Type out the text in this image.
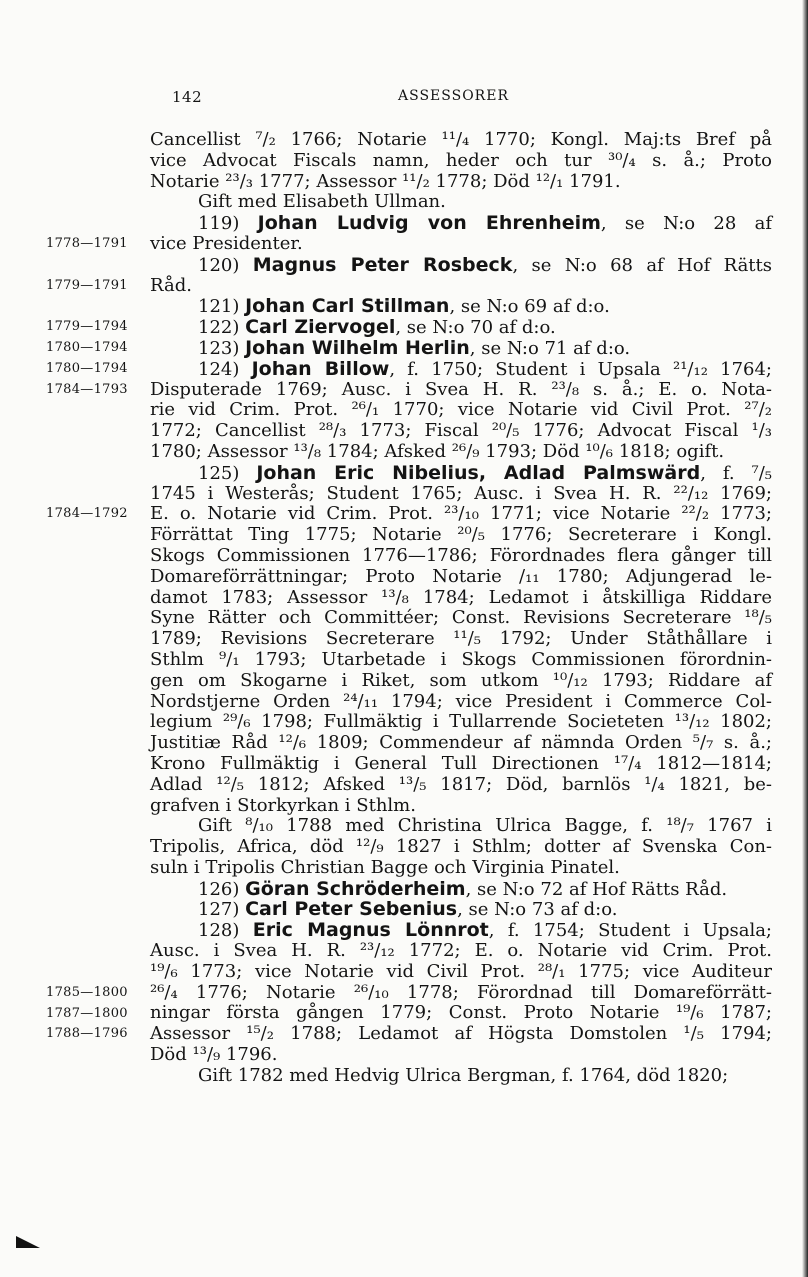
142	ASSESSORER
1778—1791
1779—1791
1779—1794
1780—1794
1780—1794
1784—1793
1784—1792
1785—1800
1787—1800
1788—1796
Cancellist ⁷/₂ 1766; Notarie ¹¹/₄ 1770; Kongl. Maj:ts Bref på
vice Advocat Fiscals namn, heder och tur ³⁰/₄ s. å.; Proto
Notarie ²³/₃ 1777; Assessor ¹¹/₂ 1778; Död ¹²/₁ 1791.
Gift med Elisabeth Ullman.
119) Johan Ludvig von Ehrenheim, se N:o 28 af
vice Presidenter.
120) Magnus Peter Rosbeck, se N:o 68 af Hof Rätts
Råd.
121) Johan Carl Stillman, se N:o 69 af d:o.
122) Carl Ziervogel, se N:o 70 af d:o.
123) Johan Wilhelm Herlin, se N:o 71 af d:o.
124) Johan Billow, f. 1750; Student i Upsala ²¹/₁₂ 1764;
Disputerade 1769; Ausc. i Svea H. R. ²³/₈ s. å.; E. o. Nota-
rie vid Crim. Prot. ²⁶/₁ 1770; vice Notarie vid Civil Prot. ²⁷/₂
1772; Cancellist ²⁸/₃ 1773; Fiscal ²⁰/₅ 1776; Advocat Fiscal ¹/₃
1780; Assessor ¹³/₈ 1784; Afsked ²⁶/₉ 1793; Död ¹⁰/₆ 1818; ogift.
125) Johan Eric Nibelius, Adlad Palmswärd, f. ⁷/₅
1745 i Westerås; Student 1765; Ausc. i Svea H. R. ²²/₁₂ 1769;
E. o. Notarie vid Crim. Prot. ²³/₁₀ 1771; vice Notarie ²²/₂ 1773;
Förrättat Ting 1775; Notarie ²⁰/₅ 1776; Secreterare i Kongl.
Skogs Commissionen 1776—1786; Förordnades flera gånger till
Domareförrättningar; Proto Notarie /₁₁ 1780; Adjungerad le-
damot 1783; Assessor ¹³/₈ 1784; Ledamot i åtskilliga Riddare
Syne Rätter och Committéer; Const. Revisions Secreterare ¹⁸/₅
1789; Revisions Secreterare ¹¹/₅ 1792; Under Ståthållare i
Sthlm ⁹/₁ 1793; Utarbetade i Skogs Commissionen förordnin-
gen om Skogarne i Riket, som utkom ¹⁰/₁₂ 1793; Riddare af
Nordstjerne Orden ²⁴/₁₁ 1794; vice President i Commerce Col-
legium ²⁹/₆ 1798; Fullmäktig i Tullarrende Societeten ¹³/₁₂ 1802;
Justitiæ Råd ¹²/₆ 1809; Commendeur af nämnda Orden ⁵/₇ s. å.;
Krono Fullmäktig i General Tull Directionen ¹⁷/₄ 1812—1814;
Adlad ¹²/₅ 1812; Afsked ¹³/₅ 1817; Död, barnlös ¹/₄ 1821, be-
grafven i Storkyrkan i Sthlm.
Gift ⁸/₁₀ 1788 med Christina Ulrica Bagge, f. ¹⁸/₇ 1767 i
Tripolis, Africa, död ¹²/₉ 1827 i Sthlm; dotter af Svenska Con-
suln i Tripolis Christian Bagge och Virginia Pinatel.
126) Göran Schröderheim, se N:o 72 af Hof Rätts Råd.
127) Carl Peter Sebenius, se N:o 73 af d:o.
128) Eric Magnus Lönnrot, f. 1754; Student i Upsala;
Ausc. i Svea H. R. ²³/₁₂ 1772; E. o. Notarie vid Crim. Prot.
¹⁹/₆ 1773; vice Notarie vid Civil Prot. ²⁸/₁ 1775; vice Auditeur
²⁶/₄ 1776; Notarie ²⁶/₁₀ 1778; Förordnad till Domareförrätt-
ningar första gången 1779; Const. Proto Notarie ¹⁹/₆ 1787;
Assessor ¹⁵/₂ 1788; Ledamot af Högsta Domstolen ¹/₅ 1794;
Död ¹³/₉ 1796.
Gift 1782 med Hedvig Ulrica Bergman, f. 1764, död 1820;
